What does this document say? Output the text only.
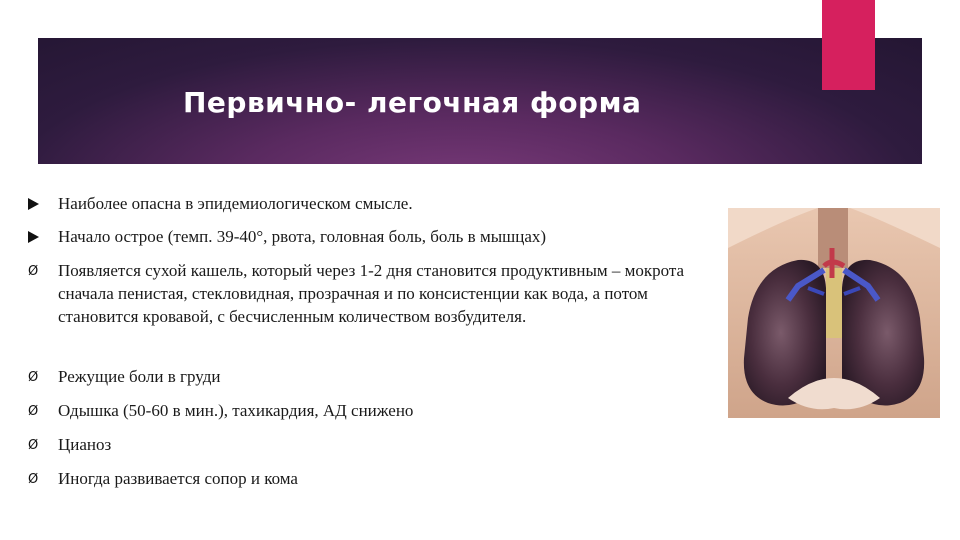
Первично- легочная форма
Наиболее опасна в эпидемиологическом смысле.
Начало острое (темп. 39-40°, рвота, головная боль, боль в мышцах)
Ø Появляется сухой кашель, который через 1-2 дня становится продуктивным – мокрота сначала пенистая, стекловидная, прозрачная и по консистенции как вода, а потом становится кровавой, с бесчисленным количеством возбудителя.
Ø Режущие боли в груди
Ø Одышка (50-60 в мин.), тахикардия, АД снижено
Ø Цианоз
Ø Иногда развивается сопор и кома
